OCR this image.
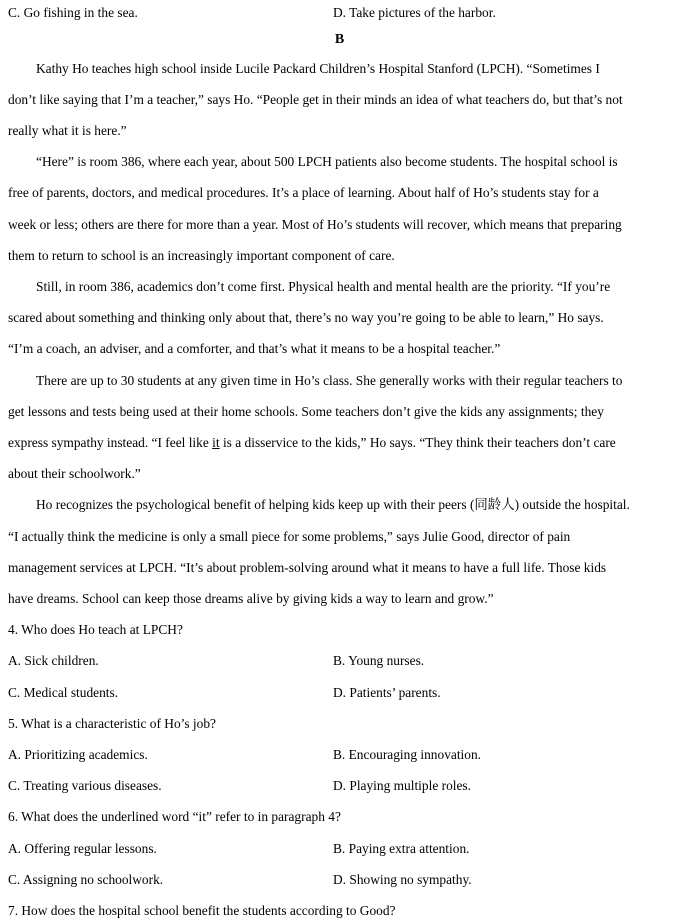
C. Go fishing in the sea.	D. Take pictures of the harbor.
B
Kathy Ho teaches high school inside Lucile Packard Children’s Hospital Stanford (LPCH). “Sometimes I
don’t like saying that I’m a teacher,” says Ho. “People get in their minds an idea of what teachers do, but that’s not
really what it is here.”
“Here” is room 386, where each year, about 500 LPCH patients also become students. The hospital school is
free of parents, doctors, and medical procedures. It’s a place of learning. About half of Ho’s students stay for a
week or less; others are there for more than a year. Most of Ho’s students will recover, which means that preparing
them to return to school is an increasingly important component of care.
Still, in room 386, academics don’t come first. Physical health and mental health are the priority. “If you’re
scared about something and thinking only about that, there’s no way you’re going to be able to learn,” Ho says.
“I’m a coach, an adviser, and a comforter, and that’s what it means to be a hospital teacher.”
There are up to 30 students at any given time in Ho’s class. She generally works with their regular teachers to
get lessons and tests being used at their home schools. Some teachers don’t give the kids any assignments; they
express sympathy instead. “I feel like it is a disservice to the kids,” Ho says. “They think their teachers don’t care
about their schoolwork.”
Ho recognizes the psychological benefit of helping kids keep up with their peers (同龄人) outside the hospital.
“I actually think the medicine is only a small piece for some problems,” says Julie Good, director of pain
management services at LPCH. “It’s about problem-solving around what it means to have a full life. Those kids
have dreams. School can keep those dreams alive by giving kids a way to learn and grow.”
4. Who does Ho teach at LPCH?
A. Sick children.	B. Young nurses.
C. Medical students.	D. Patients’ parents.
5. What is a characteristic of Ho’s job?
A. Prioritizing academics.	B. Encouraging innovation.
C. Treating various diseases.	D. Playing multiple roles.
6. What does the underlined word “it” refer to in paragraph 4?
A. Offering regular lessons.	B. Paying extra attention.
C. Assigning no schoolwork.	D. Showing no sympathy.
7. How does the hospital school benefit the students according to Good?
